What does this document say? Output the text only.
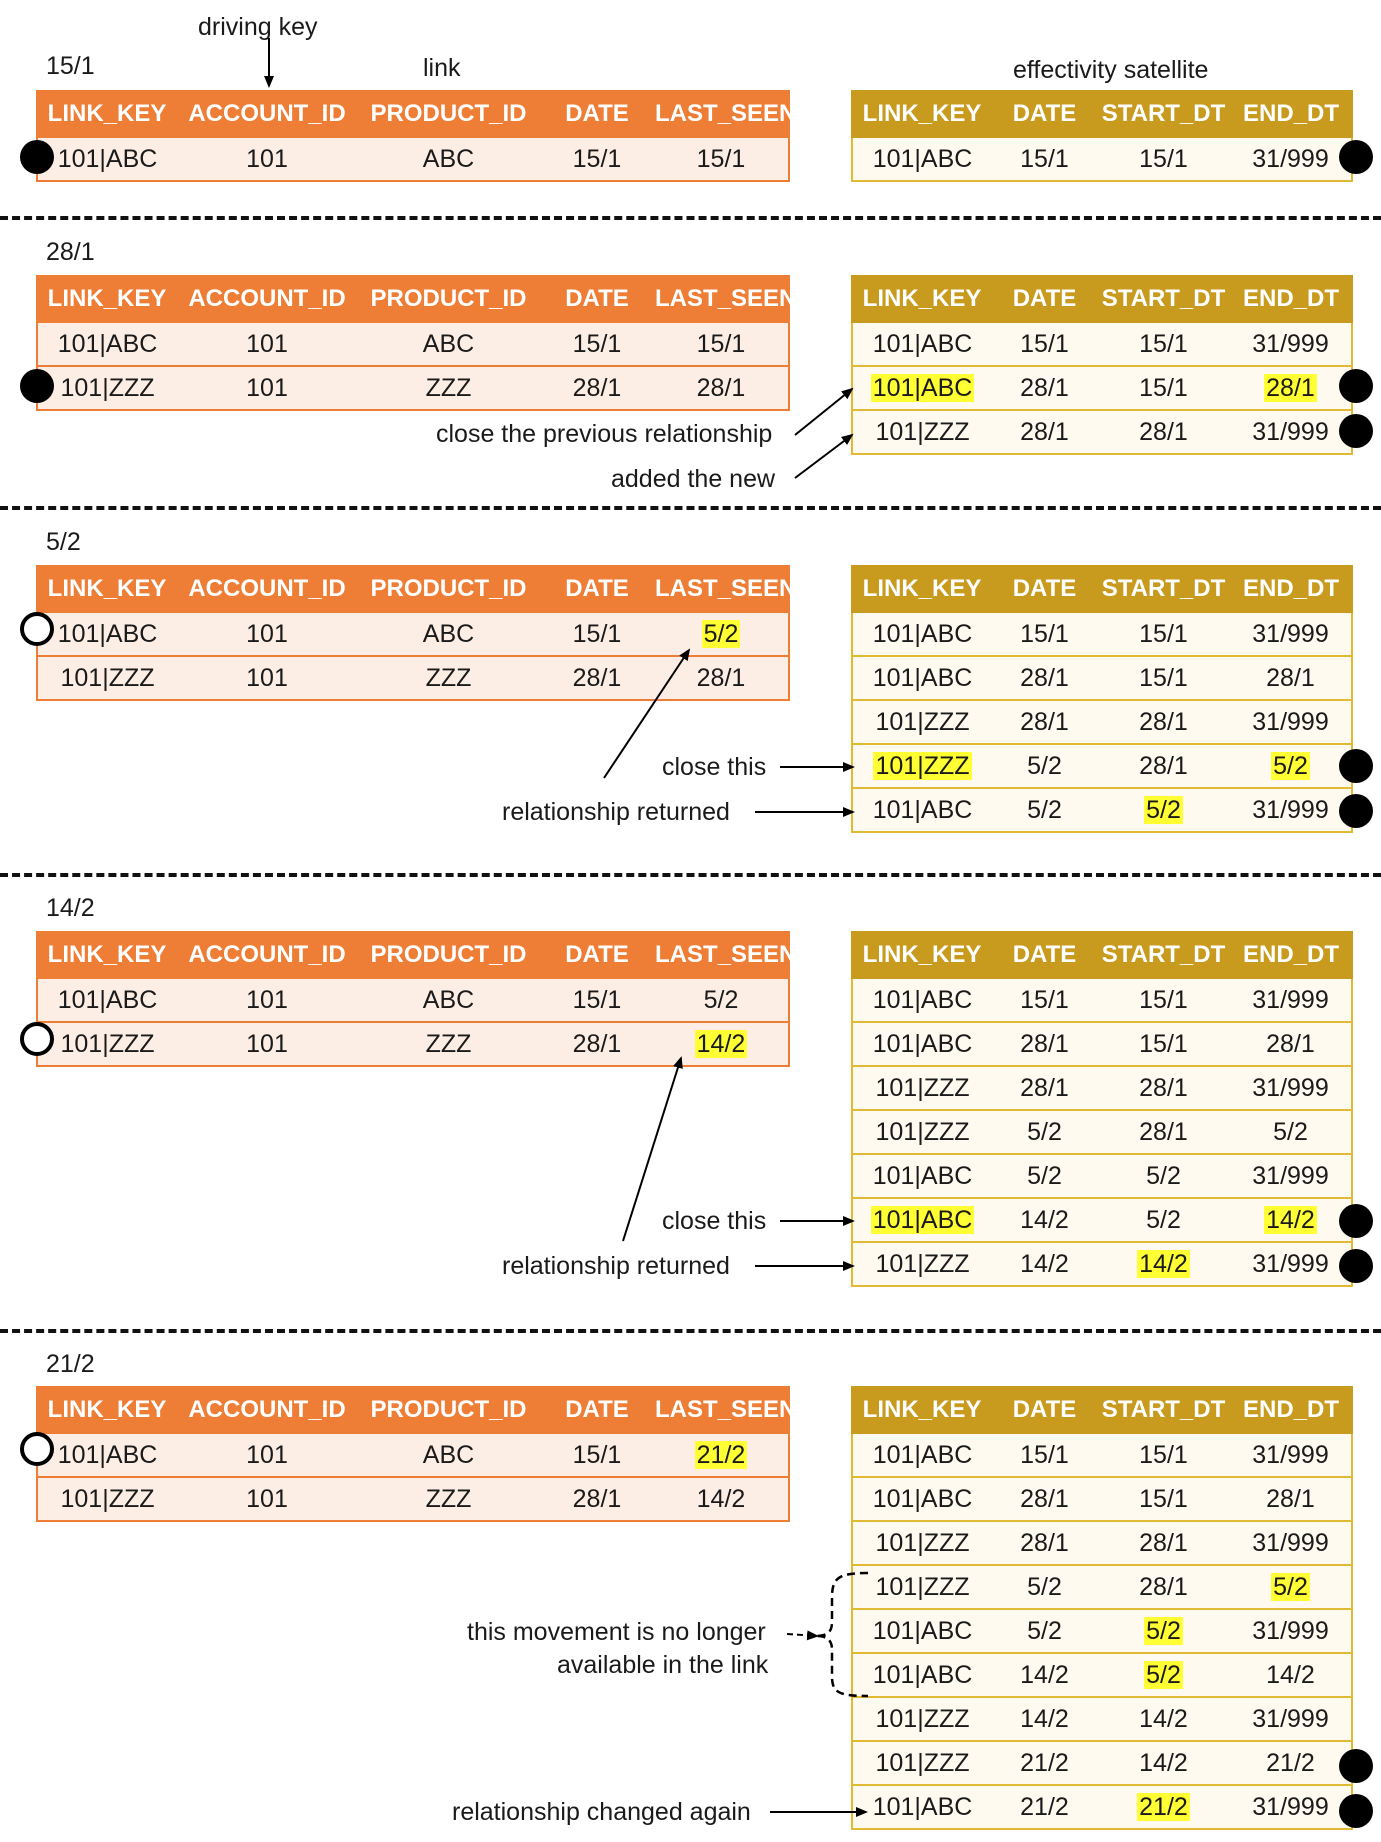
driving key
15/1	link	effectivity satellite
LINK_KEY	ACCOUNT_ID	PRODUCT_ID	DATE	LAST_SEEN
101|ABC	101	ABC	15/1	15/1
LINK_KEY	DATE	START_DT	END_DT
101|ABC	15/1	15/1	31/999
28/1
LINK_KEY	ACCOUNT_ID	PRODUCT_ID	DATE	LAST_SEEN
101|ABC	101	ABC	15/1	15/1
101|ZZZ	101	ZZZ	28/1	28/1
LINK_KEY	DATE	START_DT	END_DT
101|ABC	15/1	15/1	31/999
101|ABC	28/1	15/1	28/1
101|ZZZ	28/1	28/1	31/999
close the previous relationship
added the new
5/2
LINK_KEY	ACCOUNT_ID	PRODUCT_ID	DATE	LAST_SEEN
101|ABC	101	ABC	15/1	5/2
101|ZZZ	101	ZZZ	28/1	28/1
LINK_KEY	DATE	START_DT	END_DT
101|ABC	15/1	15/1	31/999
101|ABC	28/1	15/1	28/1
101|ZZZ	28/1	28/1	31/999
101|ZZZ	5/2	28/1	5/2
101|ABC	5/2	5/2	31/999
close this
relationship returned
14/2
LINK_KEY	ACCOUNT_ID	PRODUCT_ID	DATE	LAST_SEEN
101|ABC	101	ABC	15/1	5/2
101|ZZZ	101	ZZZ	28/1	14/2
LINK_KEY	DATE	START_DT	END_DT
101|ABC	15/1	15/1	31/999
101|ABC	28/1	15/1	28/1
101|ZZZ	28/1	28/1	31/999
101|ZZZ	5/2	28/1	5/2
101|ABC	5/2	5/2	31/999
101|ABC	14/2	5/2	14/2
101|ZZZ	14/2	14/2	31/999
close this
relationship returned
21/2
LINK_KEY	ACCOUNT_ID	PRODUCT_ID	DATE	LAST_SEEN
101|ABC	101	ABC	15/1	21/2
101|ZZZ	101	ZZZ	28/1	14/2
LINK_KEY	DATE	START_DT	END_DT
101|ABC	15/1	15/1	31/999
101|ABC	28/1	15/1	28/1
101|ZZZ	28/1	28/1	31/999
101|ZZZ	5/2	28/1	5/2
101|ABC	5/2	5/2	31/999
101|ABC	14/2	5/2	14/2
101|ZZZ	14/2	14/2	31/999
101|ZZZ	21/2	14/2	21/2
101|ABC	21/2	21/2	31/999
this movement is no longer
available in the link
relationship changed again
